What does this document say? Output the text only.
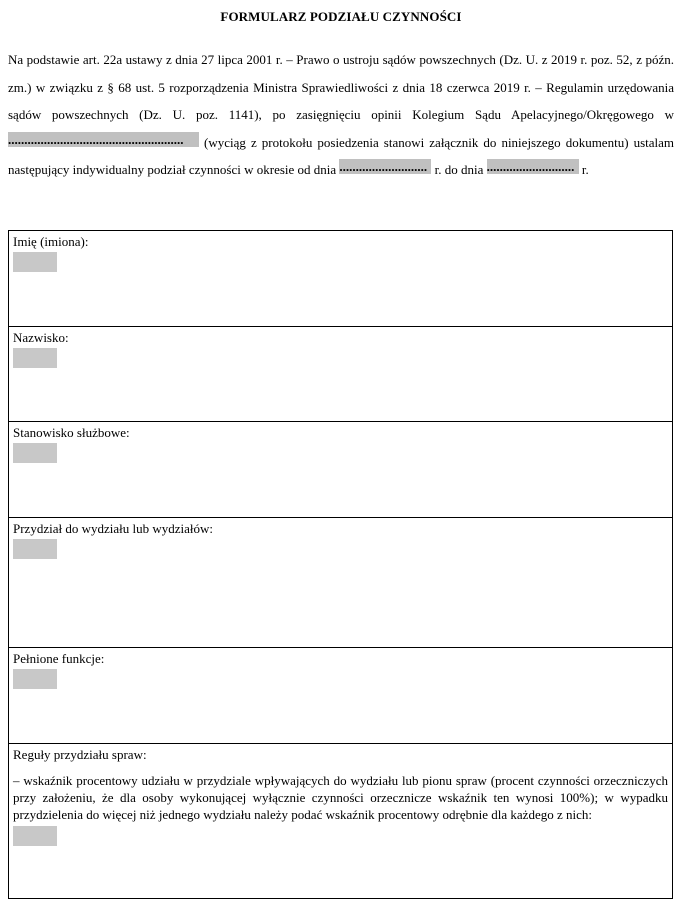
FORMULARZ PODZIAŁU CZYNNOŚCI
Na podstawie art. 22a ustawy z dnia 27 lipca 2001 r. – Prawo o ustroju sądów powszechnych (Dz. U. z 2019 r. poz. 52, z późn. zm.) w związku z § 68 ust. 5 rozporządzenia Ministra Sprawiedliwości z dnia 18 czerwca 2019 r. – Regulamin urzędowania sądów powszechnych (Dz. U. poz. 1141), po zasięgnięciu opinii Kolegium Sądu Apelacyjnego/Okręgowego w ...................................................... (wyciąg z protokołu posiedzenia stanowi załącznik do niniejszego dokumentu) ustalam następujący indywidualny podział czynności w okresie od dnia ........................... r. do dnia ........................... r.
Imię (imiona):

Nazwisko:

Stanowisko służbowe:

Przydział do wydziału lub wydziałów:

Pełnione funkcje:

Reguły przydziału spraw:
– wskaźnik procentowy udziału w przydziale wpływających do wydziału lub pionu spraw (procent czynności orzeczniczych przy założeniu, że dla osoby wykonującej wyłącznie czynności orzecznicze wskaźnik ten wynosi 100%); w wypadku przydzielenia do więcej niż jednego wydziału należy podać wskaźnik procentowy odrębnie dla każdego z nich:
